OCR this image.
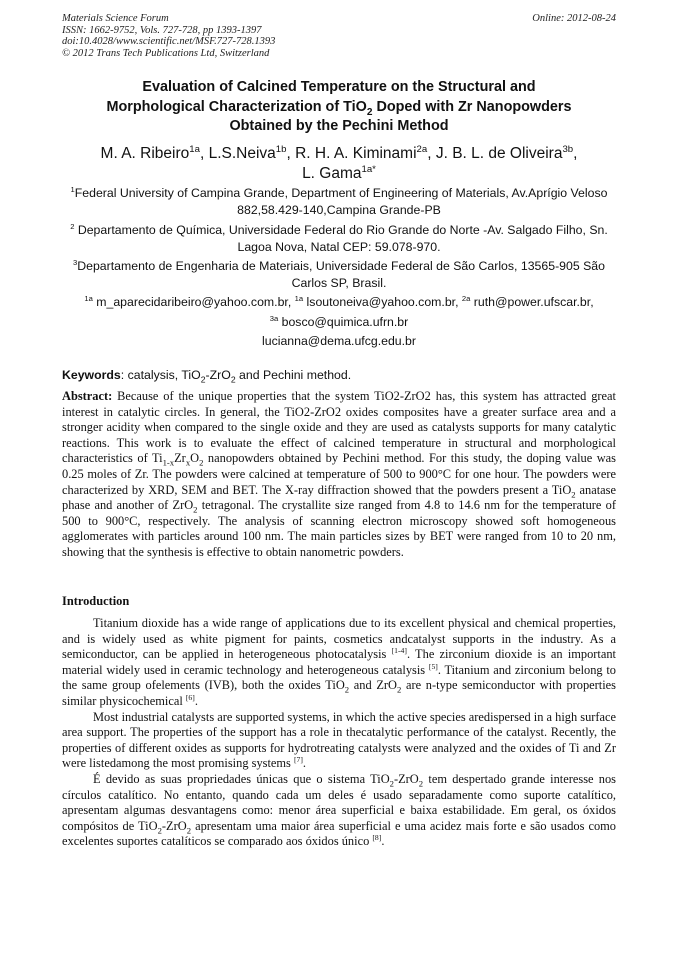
Materials Science Forum
ISSN: 1662-9752, Vols. 727-728, pp 1393-1397
doi:10.4028/www.scientific.net/MSF.727-728.1393
© 2012 Trans Tech Publications Ltd, Switzerland
Online: 2012-08-24
Evaluation of Calcined Temperature on the Structural and
Morphological Characterization of TiO$_2$ Doped with Zr Nanopowders
Obtained by the Pechini Method
M. A. Ribeiro$^{1a}$, L.S.Neiva$^{1b}$, R. H. A. Kiminami$^{2a}$, J. B. L. de Oliveira$^{3b}$,
L. Gama$^{1a*}$
$^1$Federal University of Campina Grande, Department of Engineering of Materials, Av.Aprígio Veloso 882,58.429-140,Campina Grande-PB
$^2$ Departamento de Química, Universidade Federal do Rio Grande do Norte -Av. Salgado Filho, Sn. Lagoa Nova, Natal CEP: 59.078-970.
$^3$Departamento de Engenharia de Materiais, Universidade Federal de São Carlos, 13565-905 São Carlos SP, Brasil.
$^{1a}$ m_aparecidaribeiro@yahoo.com.br, $^{1a}$ lsoutoneiva@yahoo.com.br, $^{2a}$ ruth@power.ufscar.br,
$^{3a}$ bosco@quimica.ufrn.br
lucianna@dema.ufcg.edu.br
Keywords: catalysis, TiO$_2$-ZrO$_2$ and Pechini method.
Abstract: Because of the unique properties that the system TiO2-ZrO2 has, this system has attracted great interest in catalytic circles. In general, the TiO2-ZrO2 oxides composites have a greater surface area and a stronger acidity when compared to the single oxide and they are used as catalysts supports for many catalytic reactions. This work is to evaluate the effect of calcined temperature in structural and morphological characteristics of $Ti_{1-x}Zr_xO_2$ nanopowders obtained by Pechini method. For this study, the doping value was 0.25 moles of Zr. The powders were calcined at temperature of 500 to 900°C for one hour. The powders were characterized by XRD, SEM and BET. The X-ray diffraction showed that the powders present a TiO$_2$ anatase phase and another of ZrO$_2$ tetragonal. The crystallite size ranged from 4.8 to 14.6 nm for the temperature of 500 to 900°C, respectively. The analysis of scanning electron microscopy showed soft homogeneous agglomerates with particles around 100 nm. The main particles sizes by BET were ranged from 10 to 20 nm, showing that the synthesis is effective to obtain nanometric powders.
Introduction

Titanium dioxide has a wide range of applications due to its excellent physical and chemical properties, and is widely used as white pigment for paints, cosmetics andcatalyst supports in the industry. As a semiconductor, can be applied in heterogeneous photocatalysis [1-4]. The zirconium dioxide is an important material widely used in ceramic technology and heterogeneous catalysis [5]. Titanium and zirconium belong to the same group ofelements (IVB), both the oxides TiO$_2$ and ZrO$_2$ are n-type semiconductor with properties similar physicochemical [6].

Most industrial catalysts are supported systems, in which the active species aredispersed in a high surface area support. The properties of the support has a role in thecatalytic performance of the catalyst. Recently, the properties of different oxides as supports for hydrotreating catalysts were analyzed and the oxides of Ti and Zr were listedamong the most promising systems [7].

É devido as suas propriedades únicas que o sistema TiO$_2$-ZrO$_2$ tem despertado grande interesse nos círculos catalítico. No entanto, quando cada um deles é usado separadamente como suporte catalítico, apresentam algumas desvantagens como: menor área superficial e baixa estabilidade. Em geral, os óxidos compósitos de TiO$_2$-ZrO$_2$ apresentam uma maior área superficial e uma acidez mais forte e são usados como excelentes suportes catalíticos se comparado aos óxidos único [8].
